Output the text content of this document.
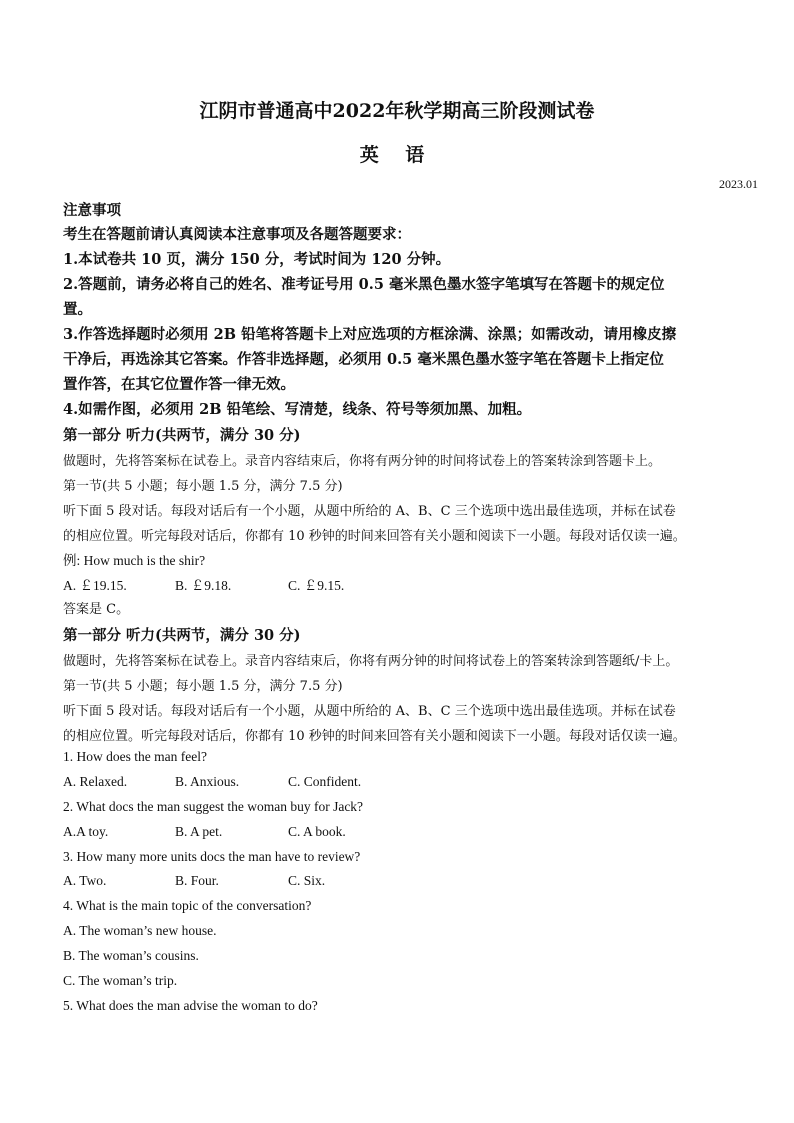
江阴市普通高中2022年秋学期高三阶段测试卷
英 语
2023.01
注意事项
考生在答题前请认真阅读本注意事项及各题答题要求：
1.本试卷共 10 页，满分 150 分，考试时间为 120 分钟。
2.答题前，请务必将自己的姓名、准考证号用 0.5 毫米黑色墨水签字笔填写在答题卡的规定位
置。
3.作答选择题时必须用 2B 铅笔将答题卡上对应选项的方框涂满、涂黑；如需改动，请用橡皮擦
干净后，再选涂其它答案。作答非选择题，必须用 0.5 毫米黑色墨水签字笔在答题卡上指定位
置作答，在其它位置作答一律无效。
4.如需作图，必须用 2B 铅笔绘、写清楚，线条、符号等须加黑、加粗。
第一部分 听力(共两节，满分 30 分)
做题时，先将答案标在试卷上。录音内容结束后，你将有两分钟的时间将试卷上的答案转涂到答题卡上。
第一节(共 5 小题；每小题 1.5 分，满分 7.5 分)
听下面 5 段对话。每段对话后有一个小题，从题中所给的 A、B、C 三个选项中选出最佳选项，并标在试卷
的相应位置。听完每段对话后，你都有 10 秒钟的时间来回答有关小题和阅读下一小题。每段对话仅读一遍。
例: How much is the shir?
A. ￡19.15.	B. ￡9.18.	C. ￡9.15.
答案是 C。
第一部分 听力(共两节，满分 30 分)
做题时，先将答案标在试卷上。录音内容结束后，你将有两分钟的时间将试卷上的答案转涂到答题纸/卡上。
第一节(共 5 小题；每小题 1.5 分，满分 7.5 分)
听下面 5 段对话。每段对话后有一个小题，从题中所给的 A、B、C 三个选项中选出最佳选项。并标在试卷
的相应位置。听完每段对话后，你都有 10 秒钟的时间来回答有关小题和阅读下一小题。每段对话仅读一遍。
1. How does the man feel?
A. Relaxed.	B. Anxious.	C. Confident.
2. What docs the man suggest the woman buy for Jack?
A.A toy.	B. A pet.	C. A book.
3. How many more units docs the man have to review?
A. Two.	B. Four.	C. Six.
4. What is the main topic of the conversation?
A. The woman’s new house.
B. The woman’s cousins.
C. The woman’s trip.
5. What does the man advise the woman to do?
